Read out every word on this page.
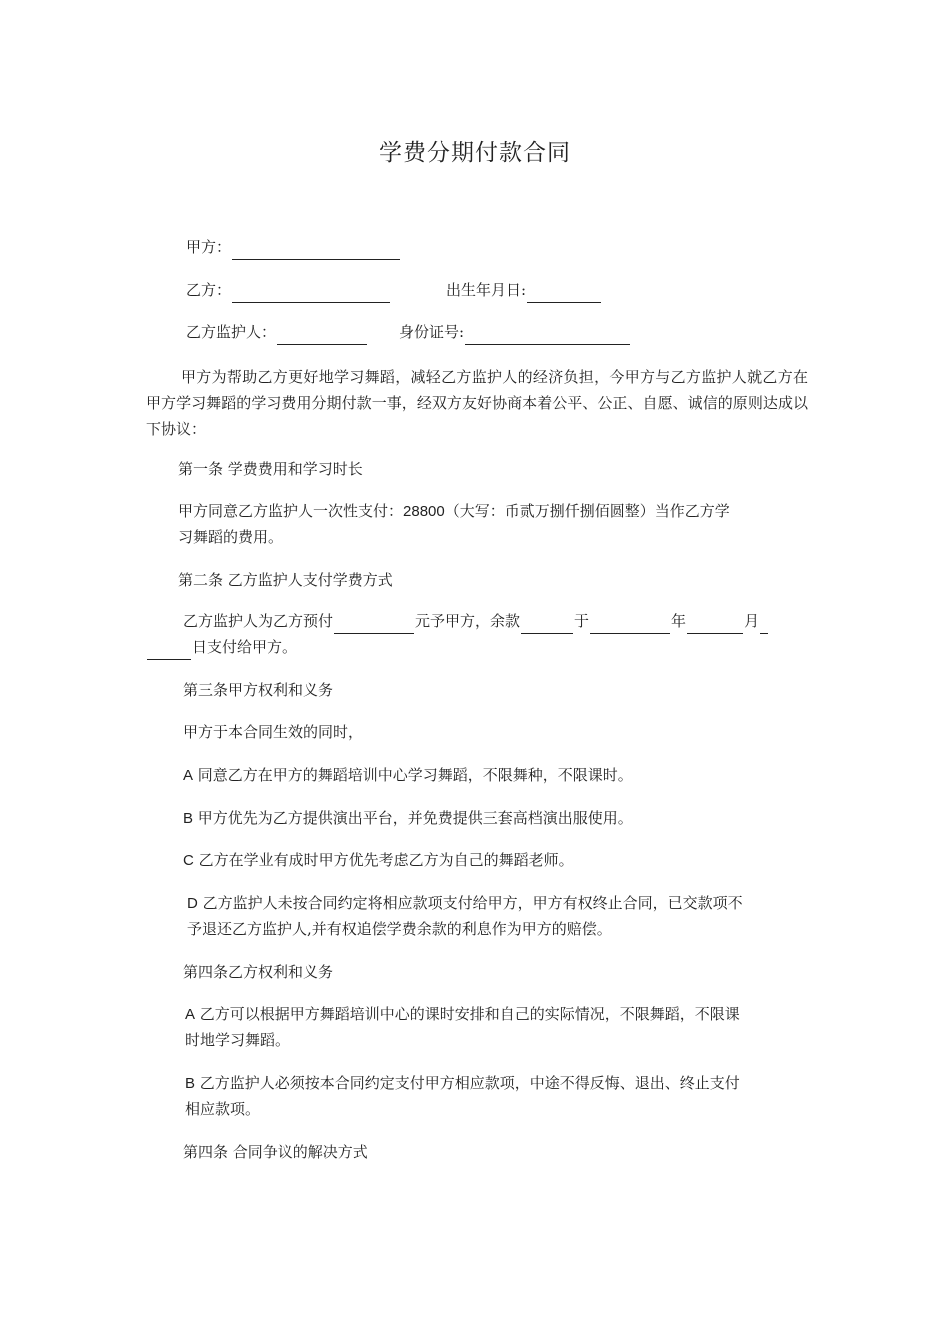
学费分期付款合同
甲方：
乙方：	出生年月日:
乙方监护人：	身份证号:
甲方为帮助乙方更好地学习舞蹈，减轻乙方监护人的经济负担，今甲方与乙方监护人就乙方在甲方学习舞蹈的学习费用分期付款一事，经双方友好协商本着公平、公正、自愿、诚信的原则达成以下协议：
第一条 学费费用和学习时长
甲方同意乙方监护人一次性支付：28800（大写：币贰万捌仟捌佰圆整）当作乙方学
习舞蹈的费用。
第二条 乙方监护人支付学费方式
乙方监护人为乙方预付	元予甲方，余款	于	年	月
日支付给甲方。
第三条甲方权利和义务
甲方于本合同生效的同时，
A 同意乙方在甲方的舞蹈培训中心学习舞蹈，不限舞种，不限课时。
B 甲方优先为乙方提供演出平台，并免费提供三套高档演出服使用。
C 乙方在学业有成时甲方优先考虑乙方为自己的舞蹈老师。
D 乙方监护人未按合同约定将相应款项支付给甲方，甲方有权终止合同，已交款项不
予退还乙方监护人,并有权追偿学费余款的利息作为甲方的赔偿。
第四条乙方权利和义务
A 乙方可以根据甲方舞蹈培训中心的课时安排和自己的实际情况，不限舞蹈，不限课
时地学习舞蹈。
B 乙方监护人必须按本合同约定支付甲方相应款项，中途不得反悔、退出、终止支付
相应款项。
第四条 合同争议的解决方式
